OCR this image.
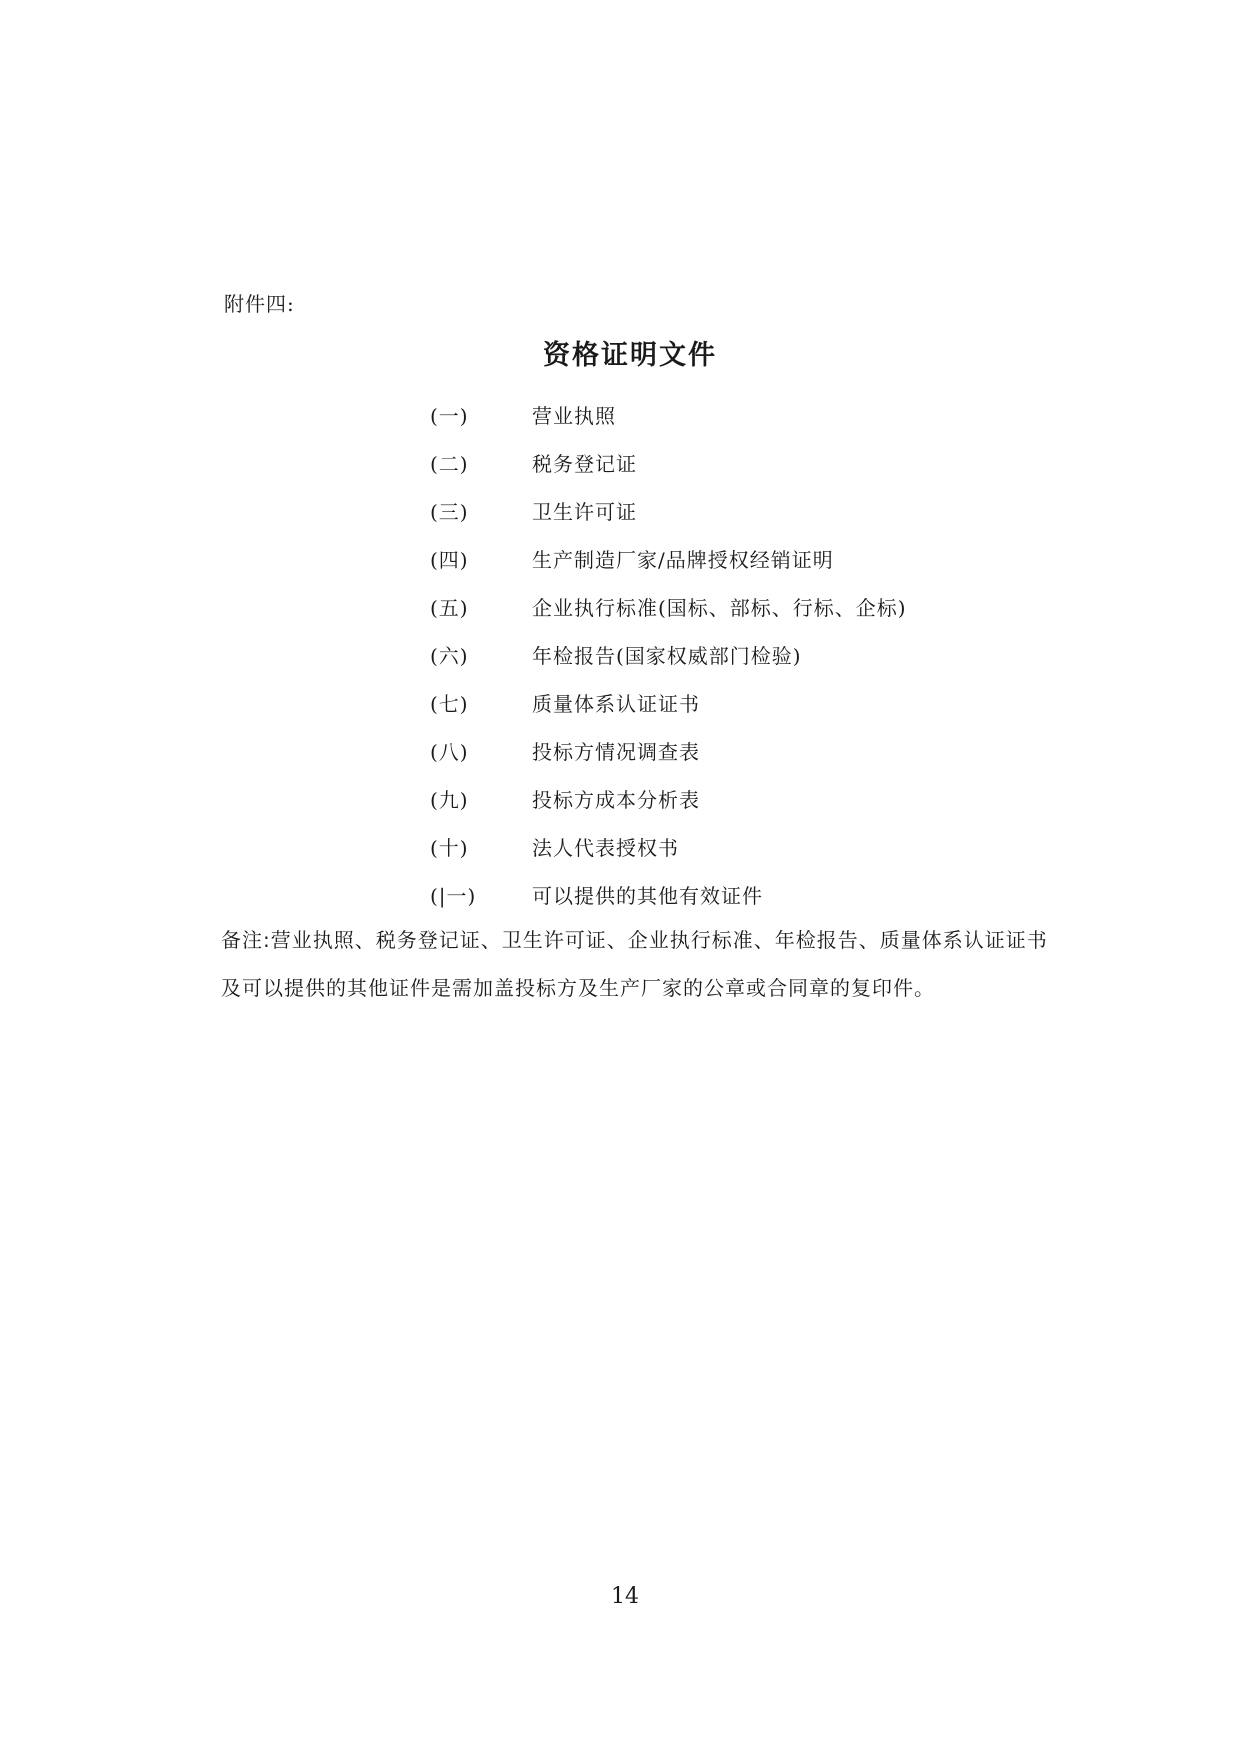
附件四:
资格证明文件
(一)	营业执照
(二)	税务登记证
(三)	卫生许可证
(四)	生产制造厂家/品牌授权经销证明
(五)	企业执行标准(国标、部标、行标、企标)
(六)	年检报告(国家权威部门检验)
(七)	质量体系认证证书
(八)	投标方情况调查表
(九)	投标方成本分析表
(十)	法人代表授权书
(|一)	可以提供的其他有效证件

备注:营业执照、税务登记证、卫生许可证、企业执行标准、年检报告、质量体系认证证书

及可以提供的其他证件是需加盖投标方及生产厂家的公章或合同章的复印件。

14
